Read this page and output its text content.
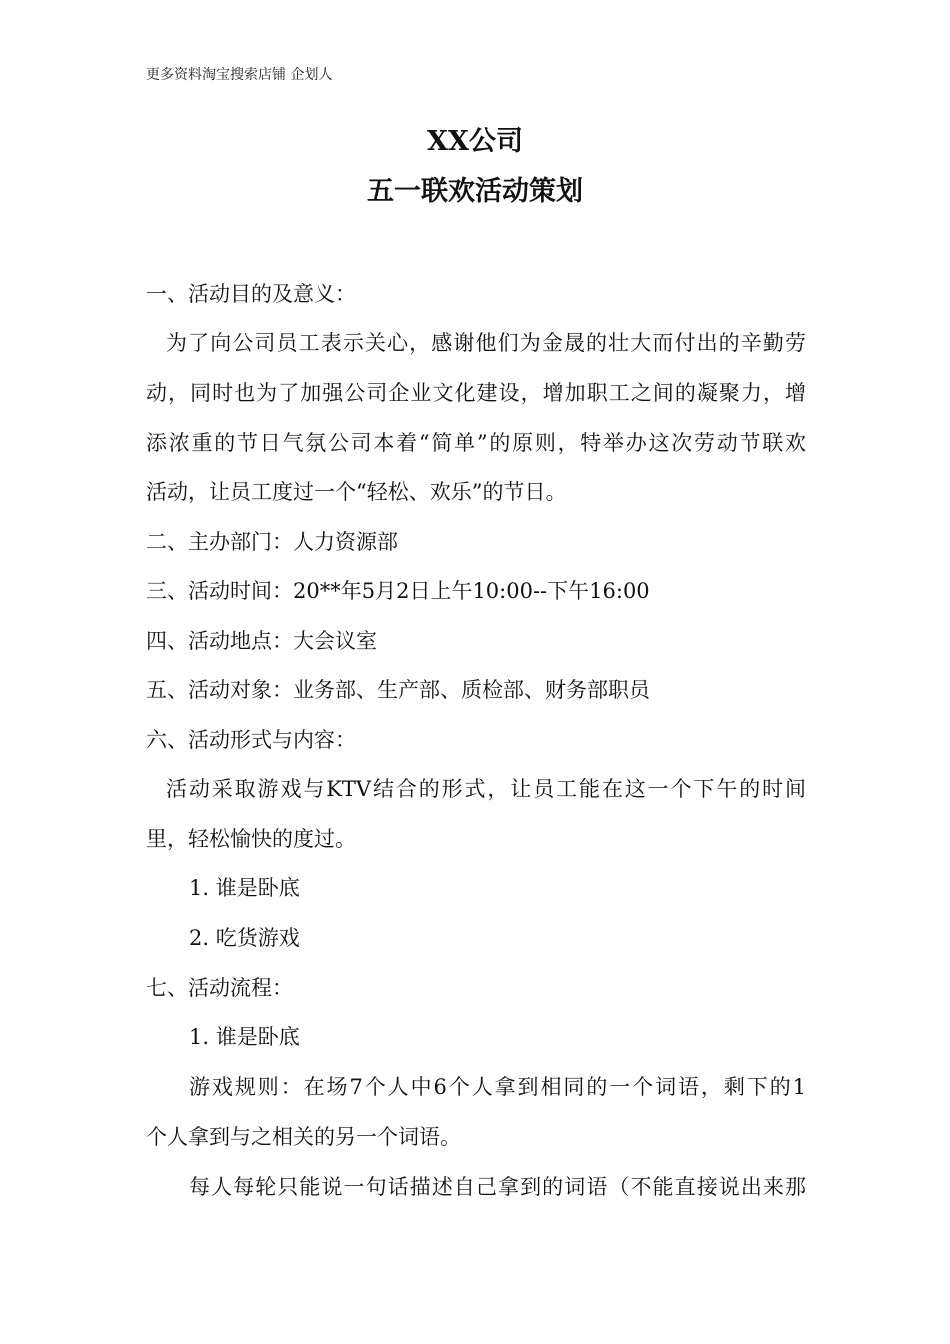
更多资料淘宝搜索店铺 企划人
XX公司
五一联欢活动策划
一、活动目的及意义：
为了向公司员工表示关心，感谢他们为金晟的壮大而付出的辛勤劳
动，同时也为了加强公司企业文化建设，增加职工之间的凝聚力，增
添浓重的节日气氛公司本着“简单”的原则，特举办这次劳动节联欢
活动，让员工度过一个“轻松、欢乐”的节日。
二、主办部门：人力资源部
三、活动时间：20**年5月2日上午10:00--下午16:00
四、活动地点：大会议室
五、活动对象：业务部、生产部、质检部、财务部职员
六、活动形式与内容：
活动采取游戏与KTV结合的形式，让员工能在这一个下午的时间
里，轻松愉快的度过。
1. 谁是卧底
2. 吃货游戏
七、活动流程：
1. 谁是卧底
游戏规则：在场7个人中6个人拿到相同的一个词语，剩下的1
个人拿到与之相关的另一个词语。
每人每轮只能说一句话描述自己拿到的词语（不能直接说出来那
